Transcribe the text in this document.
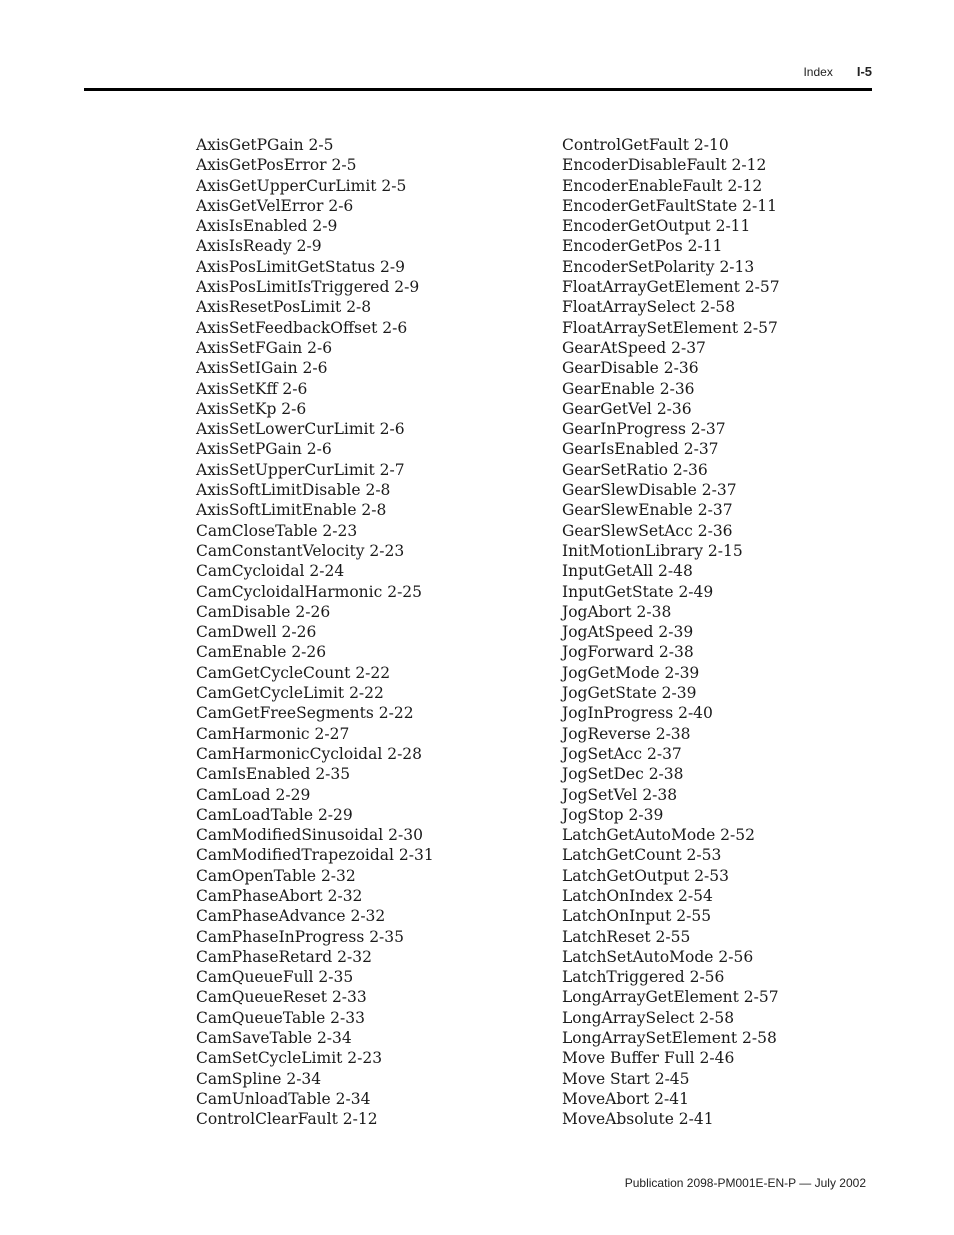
Index I-5
AxisGetPGain 2-5
AxisGetPosError 2-5
AxisGetUpperCurLimit 2-5
AxisGetVelError 2-6
AxisIsEnabled 2-9
AxisIsReady 2-9
AxisPosLimitGetStatus 2-9
AxisPosLimitIsTriggered 2-9
AxisResetPosLimit 2-8
AxisSetFeedbackOffset 2-6
AxisSetFGain 2-6
AxisSetIGain 2-6
AxisSetKff 2-6
AxisSetKp 2-6
AxisSetLowerCurLimit 2-6
AxisSetPGain 2-6
AxisSetUpperCurLimit 2-7
AxisSoftLimitDisable 2-8
AxisSoftLimitEnable 2-8
CamCloseTable 2-23
CamConstantVelocity 2-23
CamCycloidal 2-24
CamCycloidalHarmonic 2-25
CamDisable 2-26
CamDwell 2-26
CamEnable 2-26
CamGetCycleCount 2-22
CamGetCycleLimit 2-22
CamGetFreeSegments 2-22
CamHarmonic 2-27
CamHarmonicCycloidal 2-28
CamIsEnabled 2-35
CamLoad 2-29
CamLoadTable 2-29
CamModifiedSinusoidal 2-30
CamModifiedTrapezoidal 2-31
CamOpenTable 2-32
CamPhaseAbort 2-32
CamPhaseAdvance 2-32
CamPhaseInProgress 2-35
CamPhaseRetard 2-32
CamQueueFull 2-35
CamQueueReset 2-33
CamQueueTable 2-33
CamSaveTable 2-34
CamSetCycleLimit 2-23
CamSpline 2-34
CamUnloadTable 2-34
ControlClearFault 2-12
ControlGetFault 2-10
EncoderDisableFault 2-12
EncoderEnableFault 2-12
EncoderGetFaultState 2-11
EncoderGetOutput 2-11
EncoderGetPos 2-11
EncoderSetPolarity 2-13
FloatArrayGetElement 2-57
FloatArraySelect 2-58
FloatArraySetElement 2-57
GearAtSpeed 2-37
GearDisable 2-36
GearEnable 2-36
GearGetVel 2-36
GearInProgress 2-37
GearIsEnabled 2-37
GearSetRatio 2-36
GearSlewDisable 2-37
GearSlewEnable 2-37
GearSlewSetAcc 2-36
InitMotionLibrary 2-15
InputGetAll 2-48
InputGetState 2-49
JogAbort 2-38
JogAtSpeed 2-39
JogForward 2-38
JogGetMode 2-39
JogGetState 2-39
JogInProgress 2-40
JogReverse 2-38
JogSetAcc 2-37
JogSetDec 2-38
JogSetVel 2-38
JogStop 2-39
LatchGetAutoMode 2-52
LatchGetCount 2-53
LatchGetOutput 2-53
LatchOnIndex 2-54
LatchOnInput 2-55
LatchReset 2-55
LatchSetAutoMode 2-56
LatchTriggered 2-56
LongArrayGetElement 2-57
LongArraySelect 2-58
LongArraySetElement 2-58
Move Buffer Full 2-46
Move Start 2-45
MoveAbort 2-41
MoveAbsolute 2-41
Publication 2098-PM001E-EN-P — July 2002
